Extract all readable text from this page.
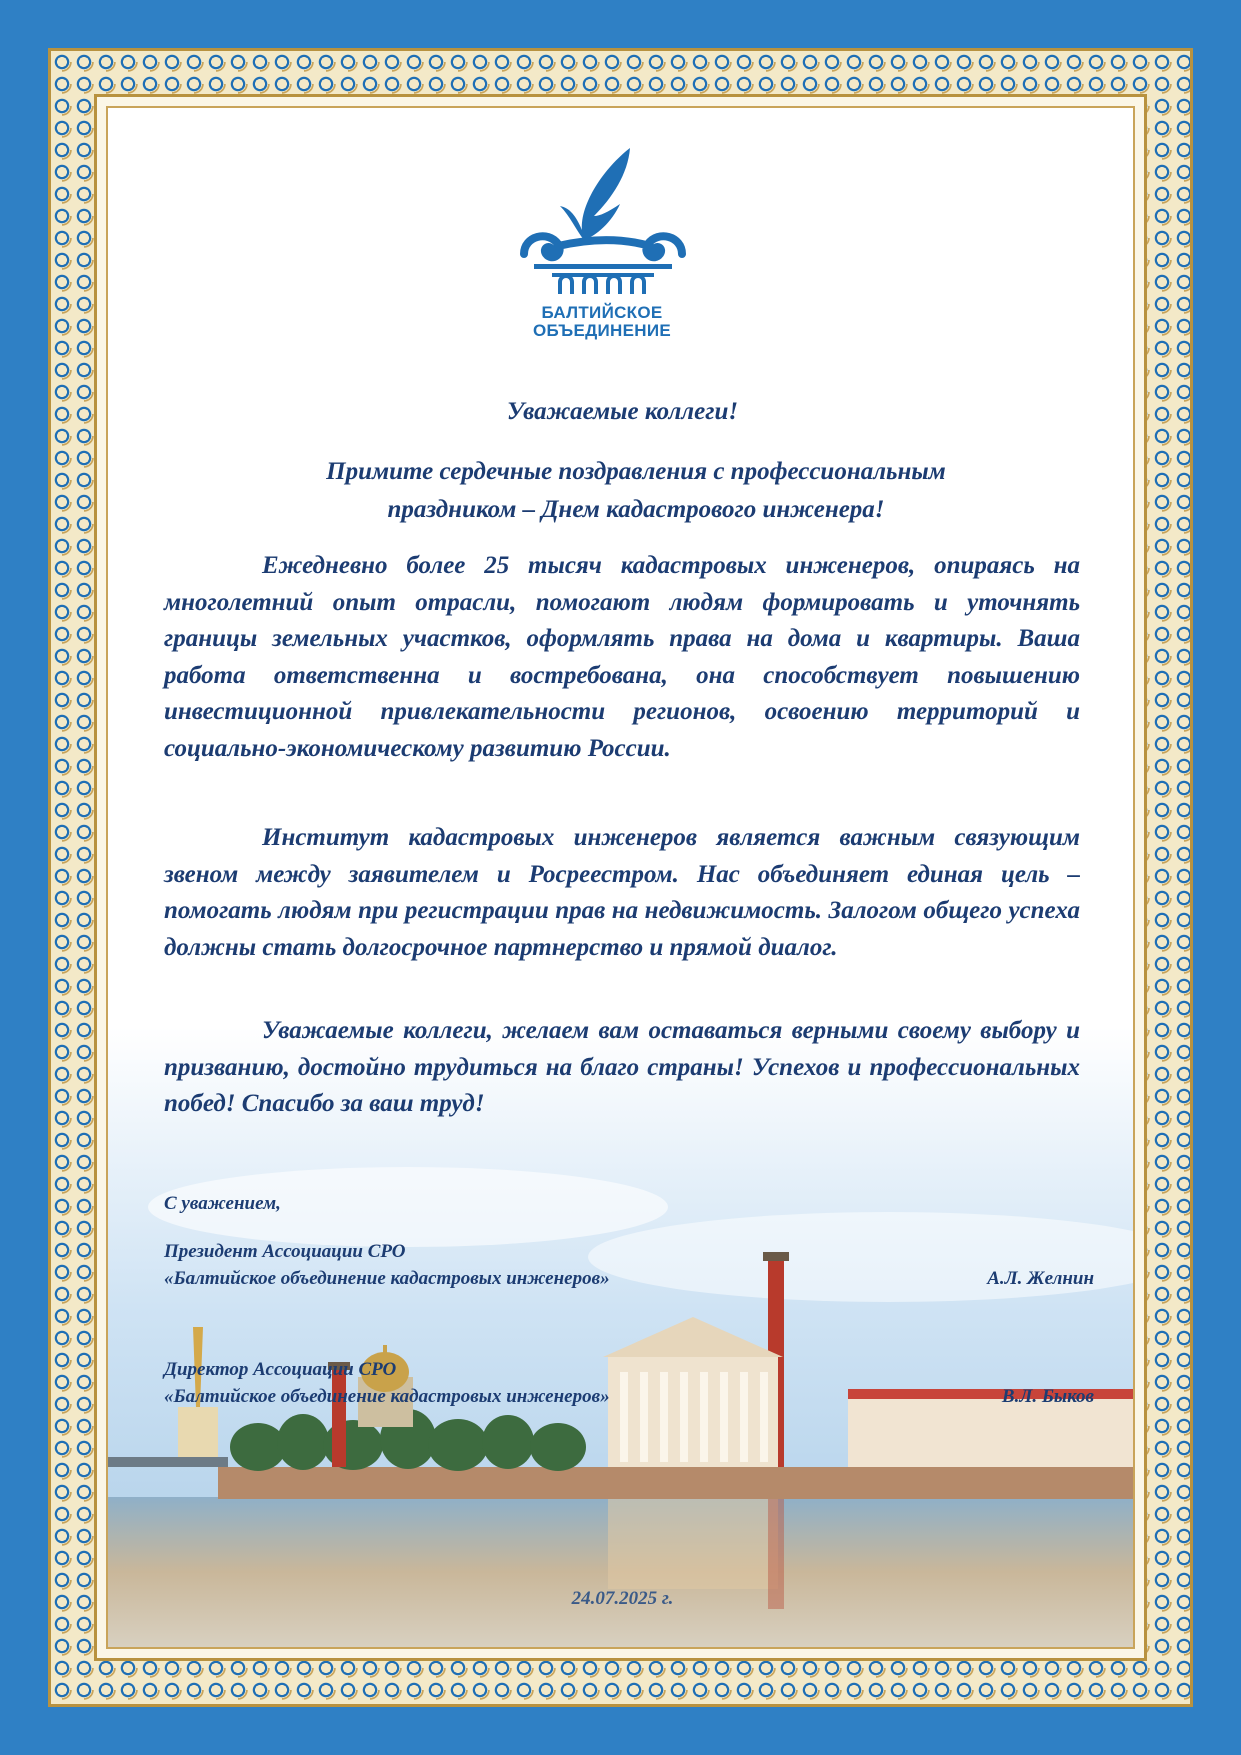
БАЛТИЙСКОЕ
ОБЪЕДИНЕНИЕ
Уважаемые коллеги!
Примите сердечные поздравления с профессиональным праздником – Днем кадастрового инженера!
Ежедневно более 25 тысяч кадастровых инженеров, опираясь на многолетний опыт отрасли, помогают людям формировать и уточнять границы земельных участков, оформлять права на дома и квартиры. Ваша работа ответственна и востребована, она способствует повышению инвестиционной привлекательности регионов, освоению территорий и социально-экономическому развитию России.
Институт кадастровых инженеров является важным связующим звеном между заявителем и Росреестром. Нас объединяет единая цель – помогать людям при регистрации прав на недвижимость. Залогом общего успеха должны стать долгосрочное партнерство и прямой диалог.
Уважаемые коллеги, желаем вам оставаться верными своему выбору и призванию, достойно трудиться на благо страны! Успехов и профессиональных побед! Спасибо за ваш труд!
С уважением,
Президент Ассоциации СРО
«Балтийское объединение кадастровых инженеров»	А.Л. Желнин
Директор Ассоциации СРО
«Балтийское объединение кадастровых инженеров»	В.Л. Быков
24.07.2025 г.
